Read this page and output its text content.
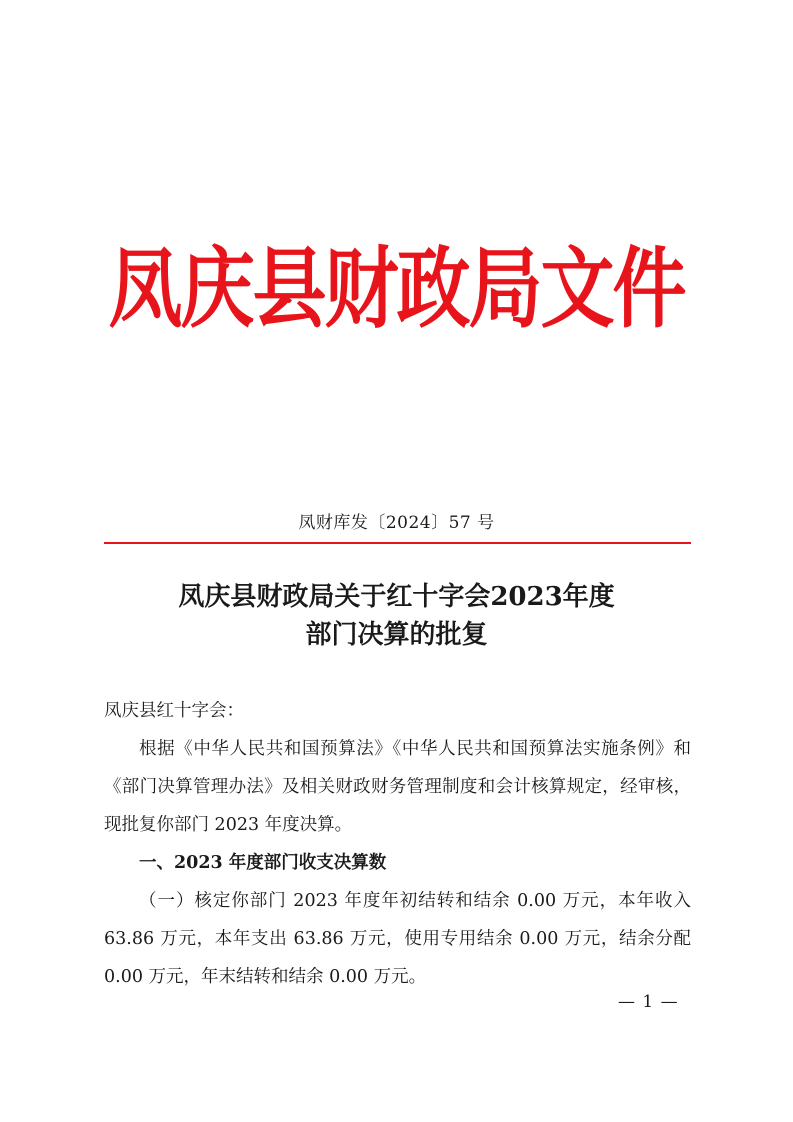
凤庆县财政局文件
凤财库发〔2024〕57 号
凤庆县财政局关于红十字会2023年度
部门决算的批复

凤庆县红十字会：

根据《中华人民共和国预算法》《中华人民共和国预算法实施条例》和《部门决算管理办法》及相关财政财务管理制度和会计核算规定，经审核，现批复你部门 2023 年度决算。

一、2023 年度部门收支决算数

（一）核定你部门 2023 年度年初结转和结余 0.00 万元，本年收入 63.86 万元，本年支出 63.86 万元，使用专用结余 0.00 万元，结余分配 0.00 万元，年末结转和结余 0.00 万元。

— 1 —
